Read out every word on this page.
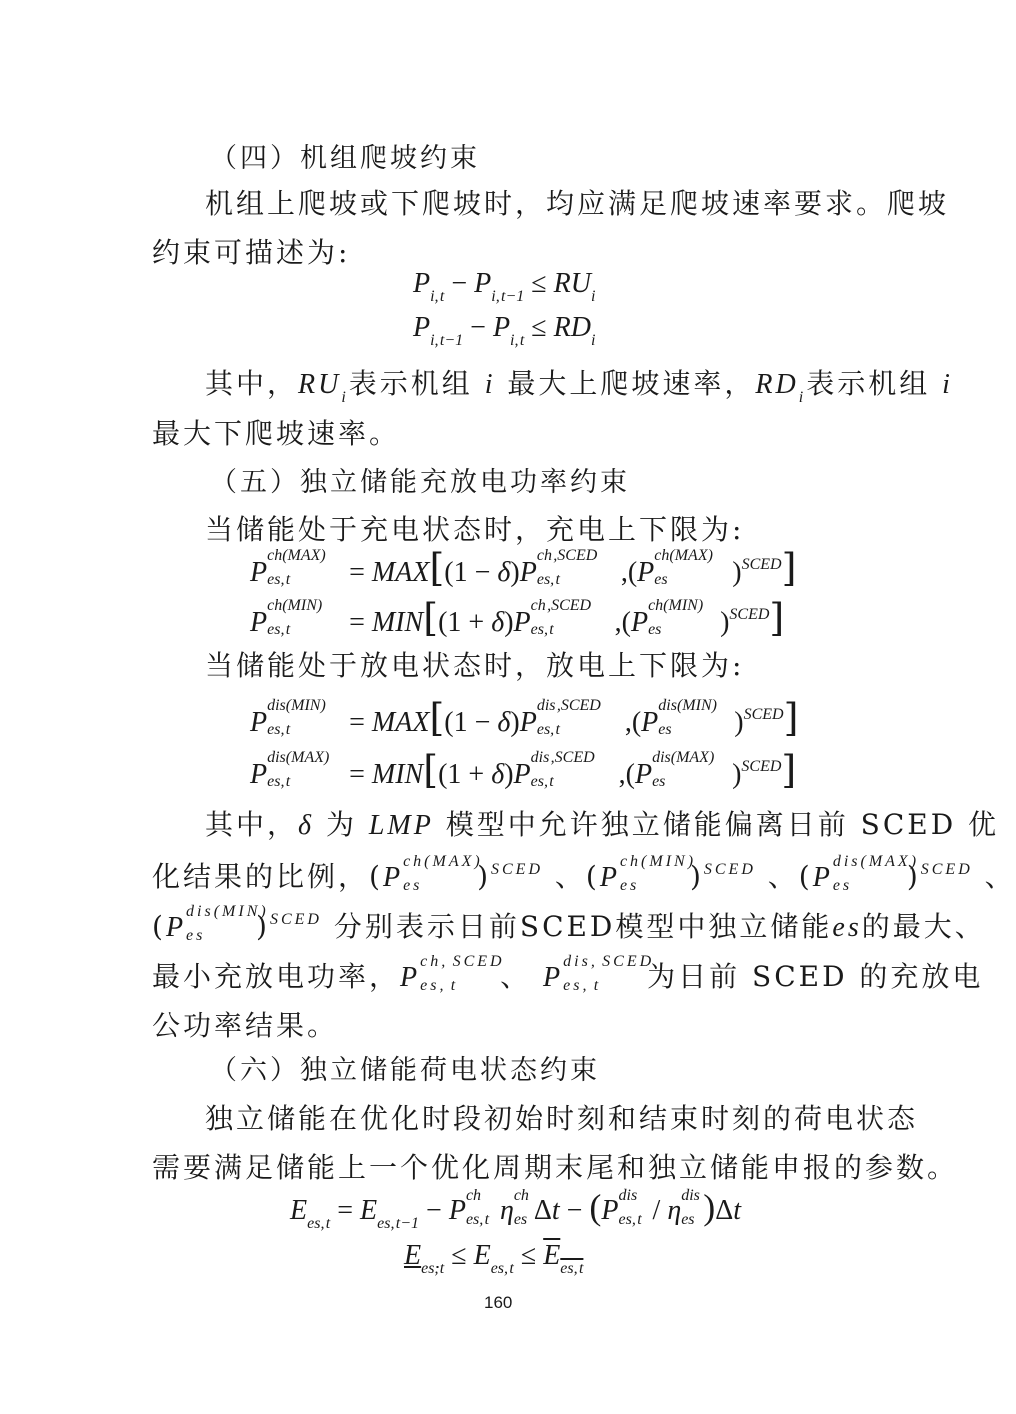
（四）机组爬坡约束
机组上爬坡或下爬坡时，均应满足爬坡速率要求。爬坡
约束可描述为:
$P_{i, t} - P_{i, t-1} \le RU_i$
$P_{i, t-1} - P_{i, t} \le RD_i$
其中，$RU_i$表示机组 i 最大上爬坡速率，$RD_i$表示机组 i
最大下爬坡速率。
（五）独立储能充放电功率约束
当储能处于充电状态时，充电上下限为:
P
ch(MAX)
es, t = MAX[(1 − δ)P
ch ,SCED
es, t ,(P
ch(MAX)
es )$^{SCED}$]
P
ch(MIN)
es, t = MIN[(1 + δ)P
ch ,SCED
es, t ,(P
ch(MIN)
es )$^{SCED}$]
当储能处于放电状态时，放电上下限为:
P
dis(MIN)
es, t = MAX[(1 − δ)P
dis ,SCED
es, t ,(P
dis(MIN)
es )$^{SCED}$]
P
dis(MAX)
es, t = MIN[(1 + δ)P
dis ,SCED
es, t ,(P
dis(MAX)
es )$^{SCED}$]
其中，δ 为 LMP 模型中允许独立储能偏离日前 SCED 优
化结果的比例，(P
ch(MAX)
es )$^{SCED}$ 、(P
ch(MIN)
es )$^{SCED}$ 、(P
dis(MAX)
es )$^{SCED}$ 、
(P
dis(MIN)
es )$^{SCED}$ 分别表示日前SCED模型中独立储能es的最大、
最小充放电功率，P
ch, SCED
es, t 、 P
dis, SCED
es, t 为日前 SCED 的充放电
公功率结果。
（六）独立储能荷电状态约束
独立储能在优化时段初始时刻和结束时刻的荷电状态
需要满足储能上一个优化周期末尾和独立储能申报的参数。
$E_{es, t} = E_{es, t-1} - P$ ch
es, t η ch
es Δt − (P dis
es, t / η dis
es )Δt
$E_{es, t} \le E_{es, t} \le E_{es, t}$
160
